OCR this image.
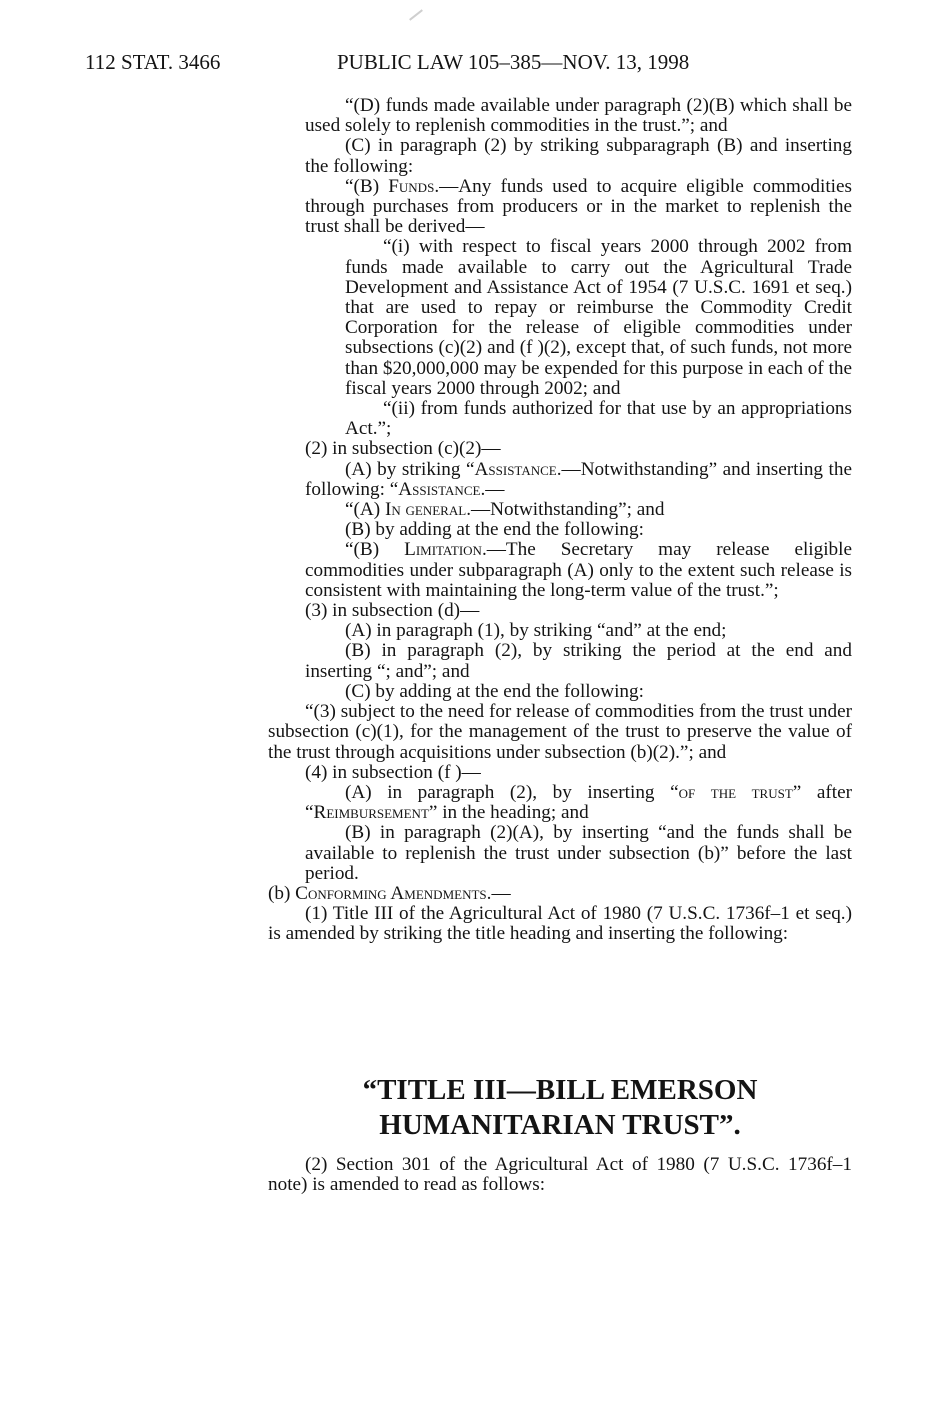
112 STAT. 3466	PUBLIC LAW 105–385—NOV. 13, 1998

“(D) funds made available under paragraph (2)(B) which shall be used solely to replenish commodities in the trust.”; and

(C) in paragraph (2) by striking subparagraph (B) and inserting the following:

“(B) Funds.—Any funds used to acquire eligible commodities through purchases from producers or in the market to replenish the trust shall be derived—

“(i) with respect to fiscal years 2000 through 2002 from funds made available to carry out the Agricultural Trade Development and Assistance Act of 1954 (7 U.S.C. 1691 et seq.) that are used to repay or reimburse the Commodity Credit Corporation for the release of eligible commodities under subsections (c)(2) and (f )(2), except that, of such funds, not more than $20,000,000 may be expended for this purpose in each of the fiscal years 2000 through 2002; and

“(ii) from funds authorized for that use by an appropriations Act.”;

(2) in subsection (c)(2)—

(A) by striking “Assistance.—Notwithstanding” and inserting the following: “Assistance.—

“(A) In general.—Notwithstanding”; and

(B) by adding at the end the following:

“(B) Limitation.—The Secretary may release eligible commodities under subparagraph (A) only to the extent such release is consistent with maintaining the long-term value of the trust.”;

(3) in subsection (d)—

(A) in paragraph (1), by striking “and” at the end;

(B) in paragraph (2), by striking the period at the end and inserting “; and”; and

(C) by adding at the end the following:

“(3) subject to the need for release of commodities from the trust under subsection (c)(1), for the management of the trust to preserve the value of the trust through acquisitions under subsection (b)(2).”; and

(4) in subsection (f )—

(A) in paragraph (2), by inserting “of the trust” after “Reimbursement” in the heading; and

(B) in paragraph (2)(A), by inserting “and the funds shall be available to replenish the trust under subsection (b)” before the last period.

(b) Conforming Amendments.—

(1) Title III of the Agricultural Act of 1980 (7 U.S.C. 1736f–1 et seq.) is amended by striking the title heading and inserting the following:

“TITLE III—BILL EMERSON
HUMANITARIAN TRUST”.

(2) Section 301 of the Agricultural Act of 1980 (7 U.S.C. 1736f–1 note) is amended to read as follows:
